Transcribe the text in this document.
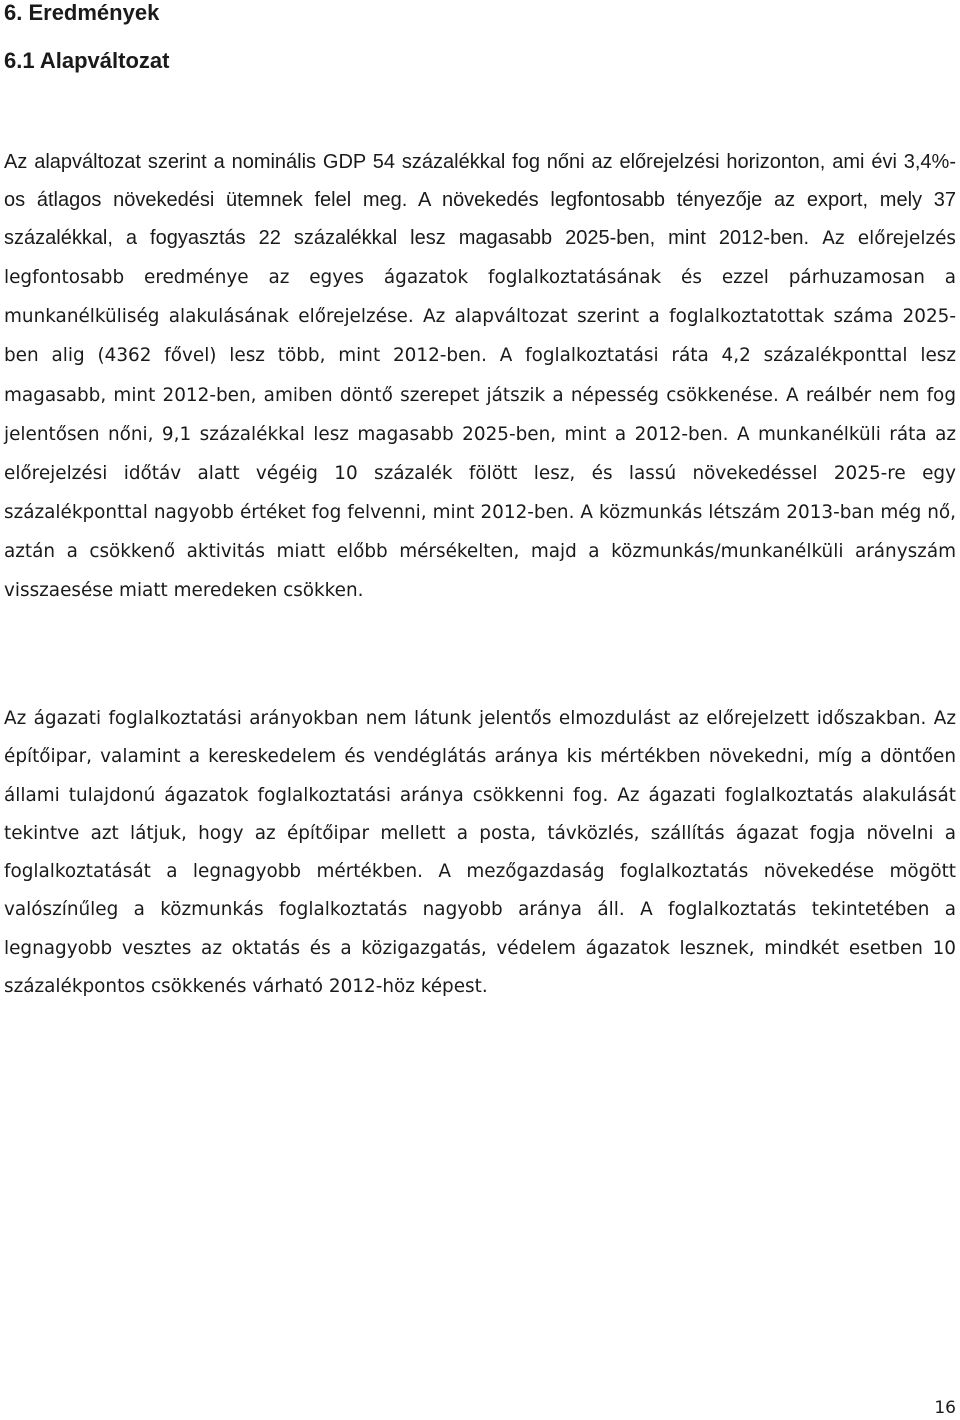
6. Eredmények
6.1 Alapváltozat

Az alapváltozat szerint a nominális GDP 54 százalékkal fog nőni az előrejelzési horizonton, ami évi 3,4%-os átlagos növekedési ütemnek felel meg. A növekedés legfontosabb tényezője az export, mely 37 százalékkal, a fogyasztás 22 százalékkal lesz magasabb 2025-ben, mint 2012-ben. Az előrejelzés legfontosabb eredménye az egyes ágazatok foglalkoztatásának és ezzel párhuzamosan a munkanélküliség alakulásának előrejelzése. Az alapváltozat szerint a foglalkoztatottak száma 2025-ben alig (4362 fővel) lesz több, mint 2012-ben. A foglalkoztatási ráta 4,2 százalékponttal lesz magasabb, mint 2012-ben, amiben döntő szerepet játszik a népesség csökkenése. A reálbér nem fog jelentősen nőni, 9,1 százalékkal lesz magasabb 2025-ben, mint a 2012-ben. A munkanélküli ráta az előrejelzési időtáv alatt végéig 10 százalék fölött lesz, és lassú növekedéssel 2025-re egy százalékponttal nagyobb értéket fog felvenni, mint 2012-ben. A közmunkás létszám 2013-ban még nő, aztán a csökkenő aktivitás miatt előbb mérsékelten, majd a közmunkás/munkanélküli arányszám visszaesése miatt meredeken csökken.

Az ágazati foglalkoztatási arányokban nem látunk jelentős elmozdulást az előrejelzett időszakban. Az építőipar, valamint a kereskedelem és vendéglátás aránya kis mértékben növekedni, míg a döntően állami tulajdonú ágazatok foglalkoztatási aránya csökkenni fog. Az ágazati foglalkoztatás alakulását tekintve azt látjuk, hogy az építőipar mellett a posta, távközlés, szállítás ágazat fogja növelni a foglalkoztatását a legnagyobb mértékben. A mezőgazdaság foglalkoztatás növekedése mögött valószínűleg a közmunkás foglalkoztatás nagyobb aránya áll. A foglalkoztatás tekintetében a legnagyobb vesztes az oktatás és a közigazgatás, védelem ágazatok lesznek, mindkét esetben 10 százalékpontos csökkenés várható 2012-höz képest.

16
